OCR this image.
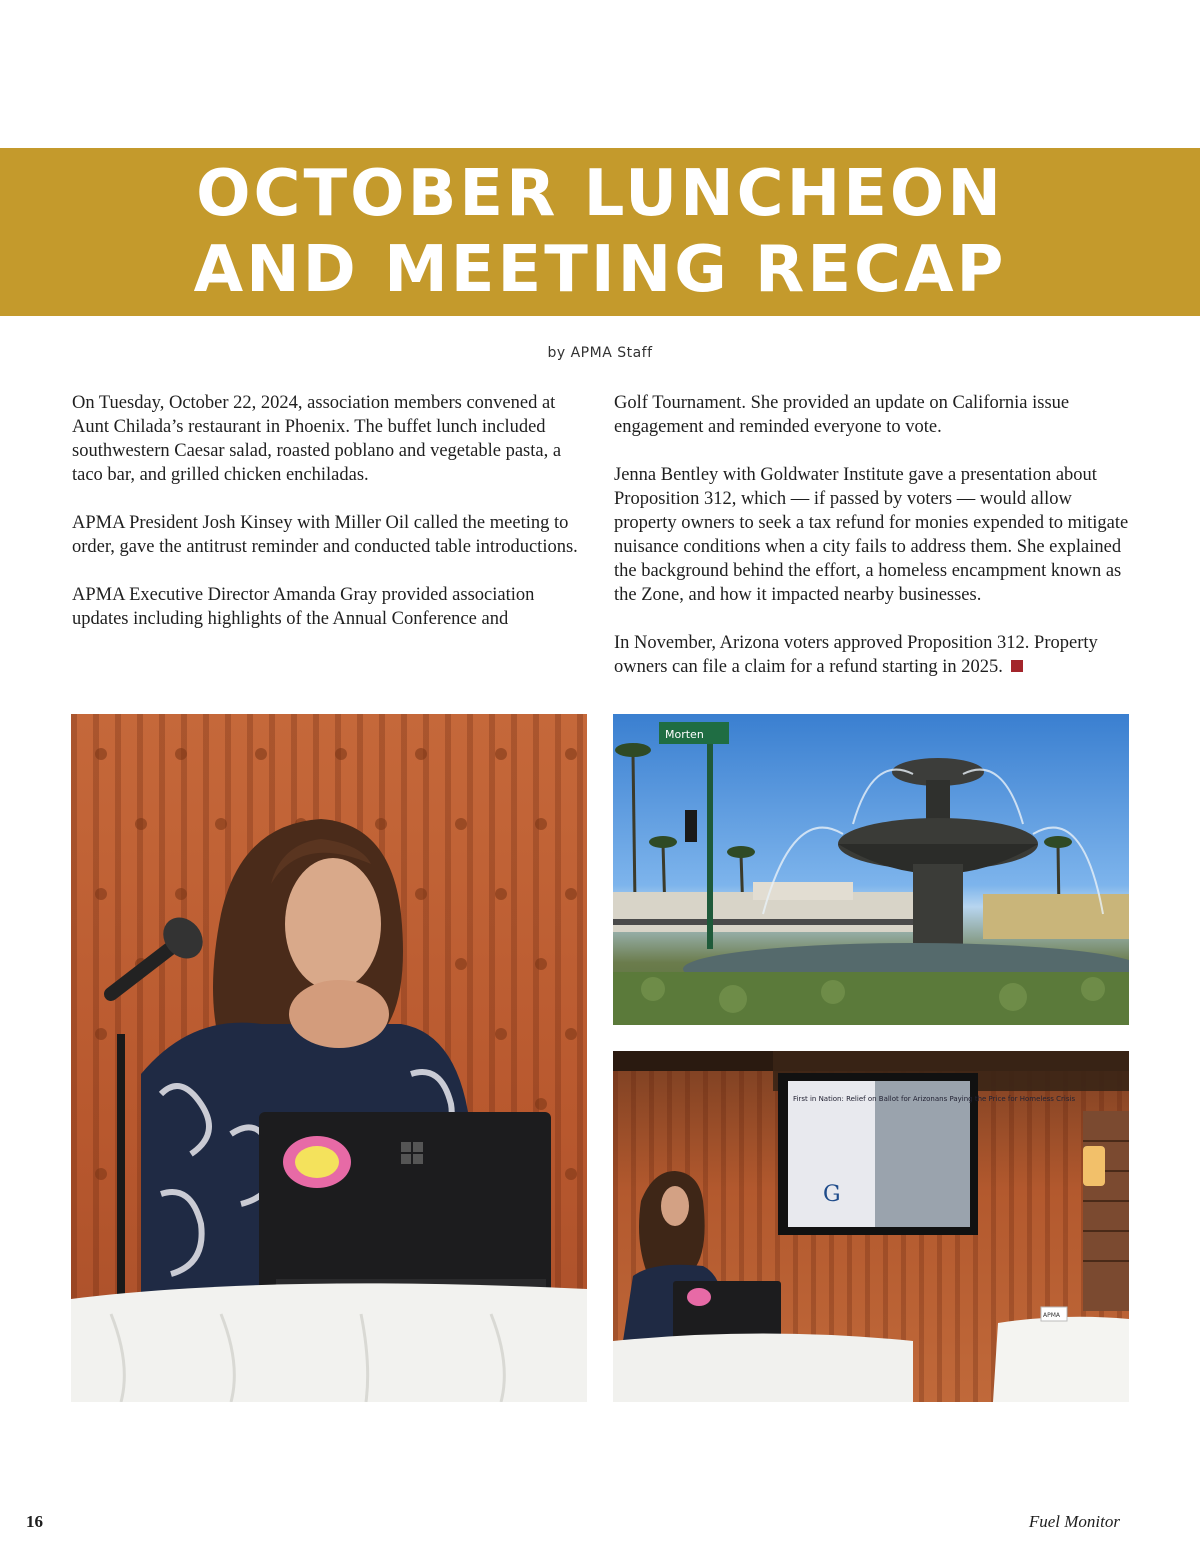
OCTOBER LUNCHEON
AND MEETING RECAP
by APMA Staff

On Tuesday, October 22, 2024, association members convened at Aunt Chilada’s restaurant in Phoenix. The buffet lunch included southwestern Caesar salad, roasted poblano and vegetable pasta, a taco bar, and grilled chicken enchiladas.

APMA President Josh Kinsey with Miller Oil called the meeting to order, gave the antitrust reminder and conducted table introductions.

APMA Executive Director Amanda Gray provided association updates including highlights of the Annual Conference and

Golf Tournament. She provided an update on California issue engagement and reminded everyone to vote.

Jenna Bentley with Goldwater Institute gave a presentation about Proposition 312, which — if passed by voters — would allow property owners to seek a tax refund for monies expended to mitigate nuisance conditions when a city fails to address them. She explained the background behind the effort, a homeless encampment known as the Zone, and how it impacted nearby businesses.

In November, Arizona voters approved Proposition 312. Property owners can file a claim for a refund starting in 2025.

Morten
First in Nation: Relief on Ballot for Arizonans Paying the Price for Homeless Crisis
G
APMA
16	Fuel Monitor
